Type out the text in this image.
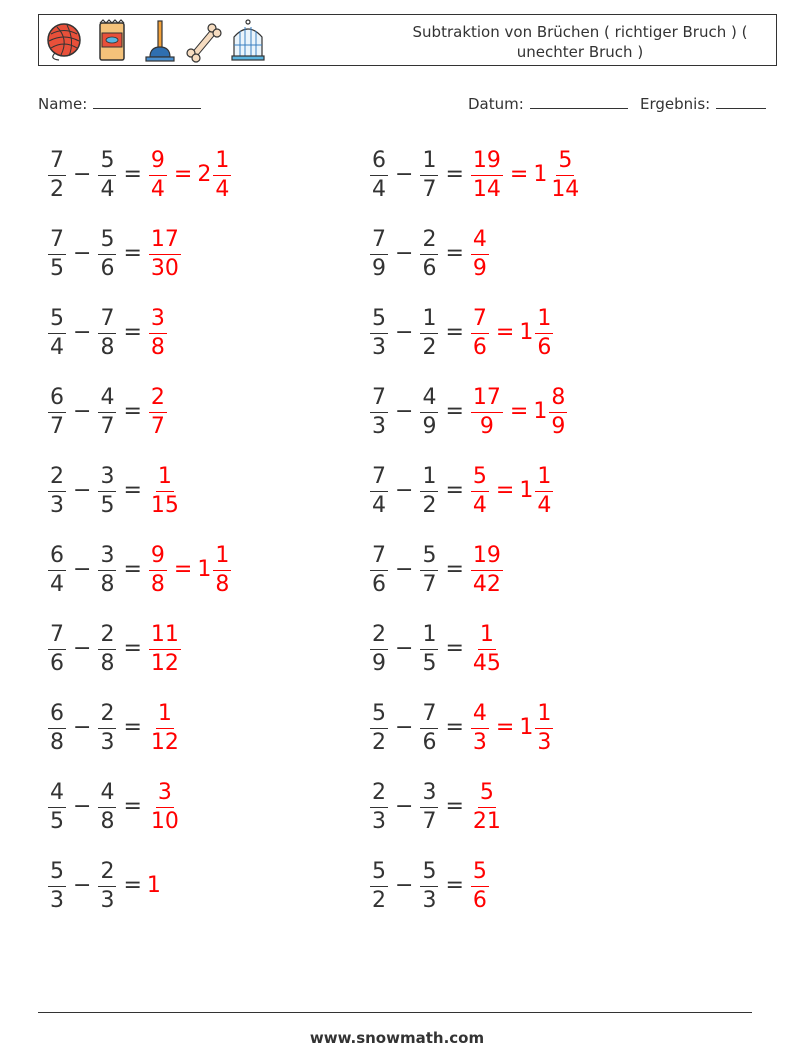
Subtraktion von Brüchen ( richtiger Bruch ) ( unechter Bruch )
Name:	Datum:	Ergebnis:
$\frac{7}{2} - \frac{5}{4} = \frac{9}{4} = 2 \frac{1}{4}$
$\frac{7}{5} - \frac{5}{6} = \frac{17}{30}$
$\frac{5}{4} - \frac{7}{8} = \frac{3}{8}$
$\frac{6}{7} - \frac{4}{7} = \frac{2}{7}$
$\frac{2}{3} - \frac{3}{5} = \frac{1}{15}$
$\frac{6}{4} - \frac{3}{8} = \frac{9}{8} = 1 \frac{1}{8}$
$\frac{7}{6} - \frac{2}{8} = \frac{11}{12}$
$\frac{6}{8} - \frac{2}{3} = \frac{1}{12}$
$\frac{4}{5} - \frac{4}{8} = \frac{3}{10}$
$\frac{5}{3} - \frac{2}{3} = 1$
$\frac{6}{4} - \frac{1}{7} = \frac{19}{14} = 1 \frac{5}{14}$
$\frac{7}{9} - \frac{2}{6} = \frac{4}{9}$
$\frac{5}{3} - \frac{1}{2} = \frac{7}{6} = 1 \frac{1}{6}$
$\frac{7}{3} - \frac{4}{9} = \frac{17}{9} = 1 \frac{8}{9}$
$\frac{7}{4} - \frac{1}{2} = \frac{5}{4} = 1 \frac{1}{4}$
$\frac{7}{6} - \frac{5}{7} = \frac{19}{42}$
$\frac{2}{9} - \frac{1}{5} = \frac{1}{45}$
$\frac{5}{2} - \frac{7}{6} = \frac{4}{3} = 1 \frac{1}{3}$
$\frac{2}{3} - \frac{3}{7} = \frac{5}{21}$
$\frac{5}{2} - \frac{5}{3} = \frac{5}{6}$
www.snowmath.com
